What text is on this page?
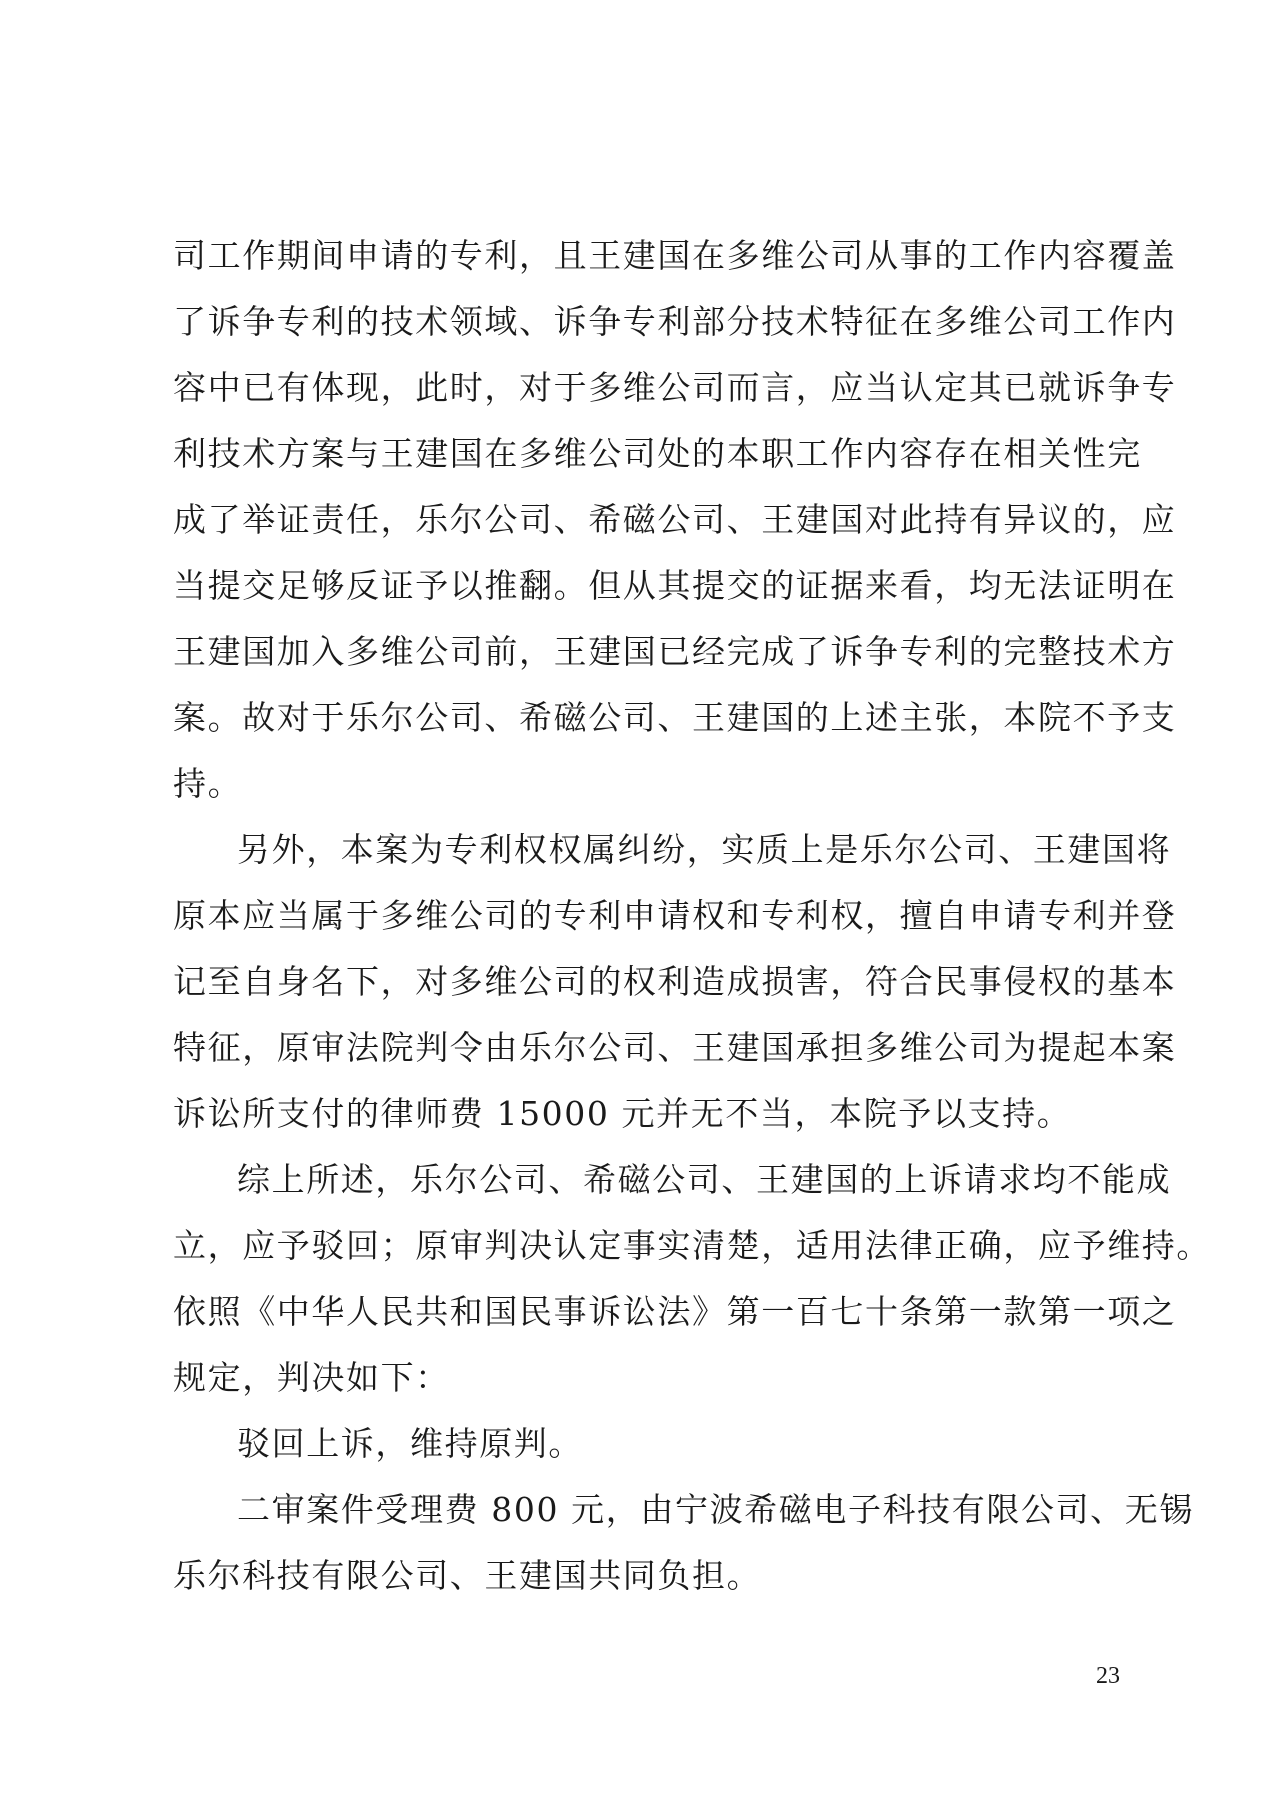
司工作期间申请的专利，且王建国在多维公司从事的工作内容覆盖
了诉争专利的技术领域、诉争专利部分技术特征在多维公司工作内
容中已有体现，此时，对于多维公司而言，应当认定其已就诉争专
利技术方案与王建国在多维公司处的本职工作内容存在相关性完
成了举证责任，乐尔公司、希磁公司、王建国对此持有异议的，应
当提交足够反证予以推翻。但从其提交的证据来看，均无法证明在
王建国加入多维公司前，王建国已经完成了诉争专利的完整技术方
案。故对于乐尔公司、希磁公司、王建国的上述主张，本院不予支
持。
另外，本案为专利权权属纠纷，实质上是乐尔公司、王建国将
原本应当属于多维公司的专利申请权和专利权，擅自申请专利并登
记至自身名下，对多维公司的权利造成损害，符合民事侵权的基本
特征，原审法院判令由乐尔公司、王建国承担多维公司为提起本案
诉讼所支付的律师费 15000 元并无不当，本院予以支持。
综上所述，乐尔公司、希磁公司、王建国的上诉请求均不能成
立，应予驳回；原审判决认定事实清楚，适用法律正确，应予维持。
依照《中华人民共和国民事诉讼法》第一百七十条第一款第一项之
规定，判决如下：
驳回上诉，维持原判。
二审案件受理费 800 元，由宁波希磁电子科技有限公司、无锡
乐尔科技有限公司、王建国共同负担。
23
